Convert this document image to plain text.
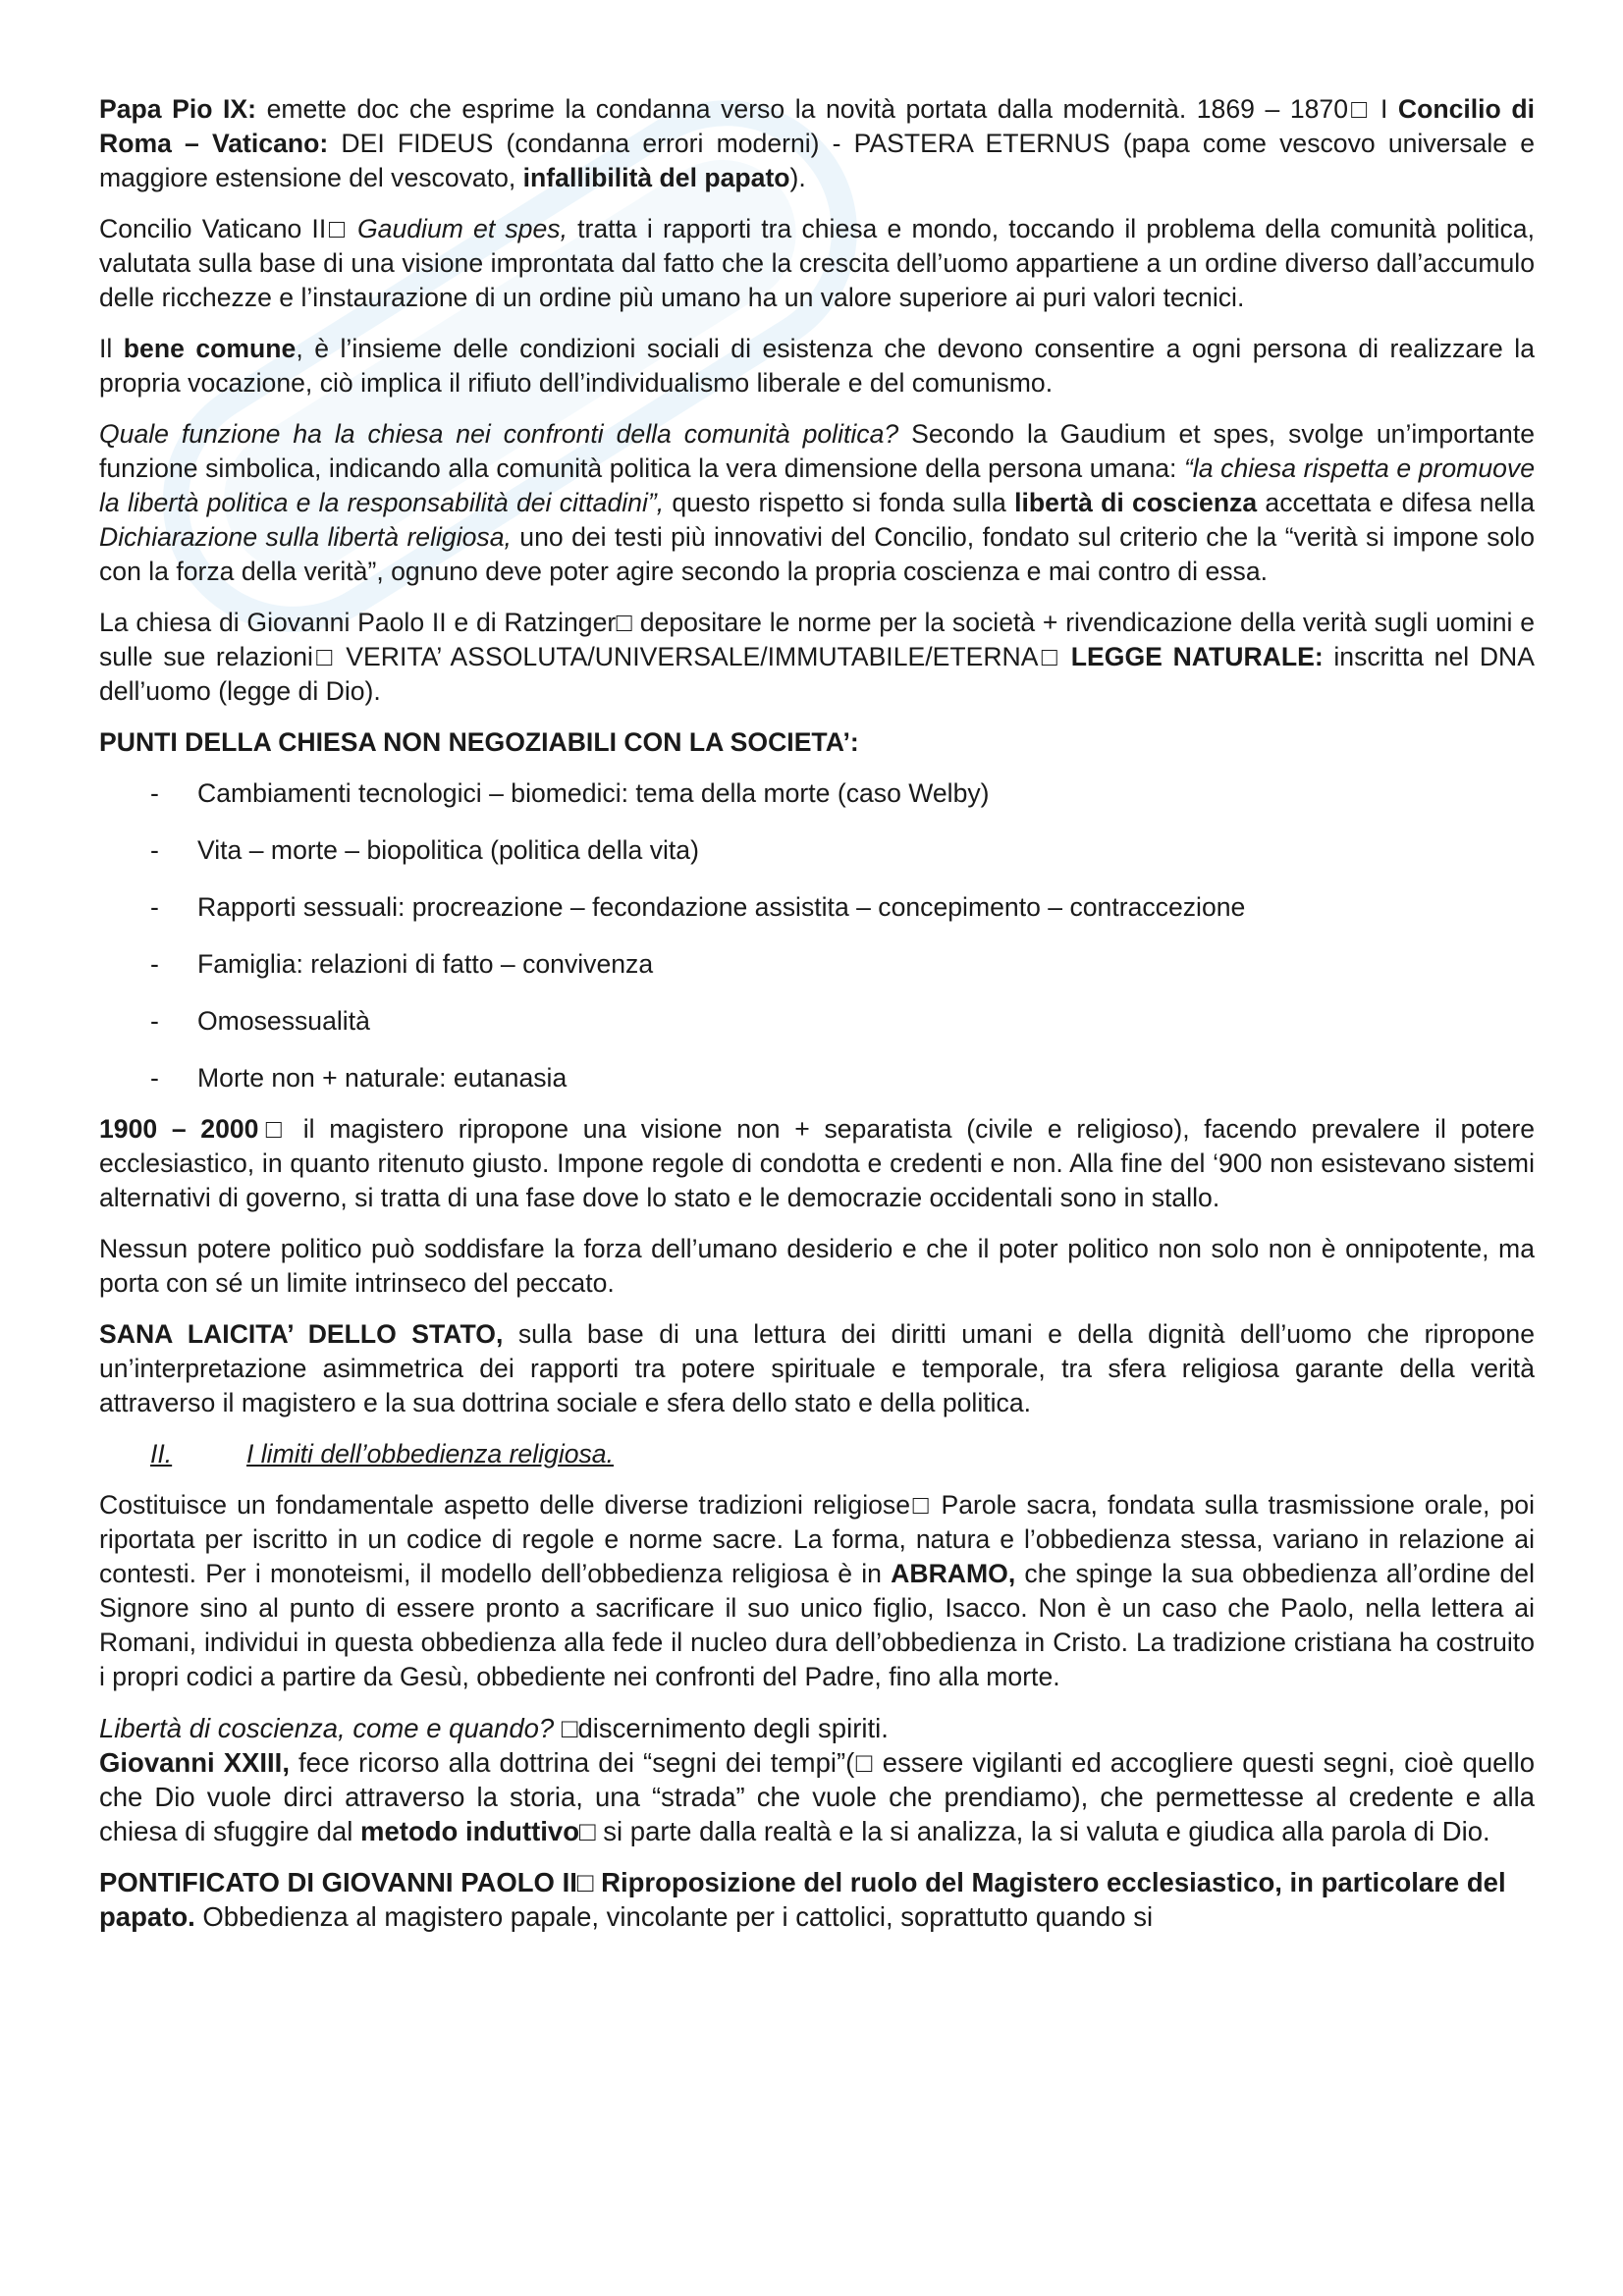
Papa Pio IX: emette doc che esprime la condanna verso la novità portata dalla modernità. 1869 – 1870□ I Concilio di Roma – Vaticano: DEI FIDEUS (condanna errori moderni) - PASTERA ETERNUS (papa come vescovo universale e maggiore estensione del vescovato, infallibilità del papato).

Concilio Vaticano II□ Gaudium et spes, tratta i rapporti tra chiesa e mondo, toccando il problema della comunità politica, valutata sulla base di una visione improntata dal fatto che la crescita dell’uomo appartiene a un ordine diverso dall’accumulo delle ricchezze e l’instaurazione di un ordine più umano ha un valore superiore ai puri valori tecnici.

Il bene comune, è l’insieme delle condizioni sociali di esistenza che devono consentire a ogni persona di realizzare la propria vocazione, ciò implica il rifiuto dell’individualismo liberale e del comunismo.

Quale funzione ha la chiesa nei confronti della comunità politica? Secondo la Gaudium et spes, svolge un’importante funzione simbolica, indicando alla comunità politica la vera dimensione della persona umana: “la chiesa rispetta e promuove la libertà politica e la responsabilità dei cittadini”, questo rispetto si fonda sulla libertà di coscienza accettata e difesa nella Dichiarazione sulla libertà religiosa, uno dei testi più innovativi del Concilio, fondato sul criterio che la “verità si impone solo con la forza della verità”, ognuno deve poter agire secondo la propria coscienza e mai contro di essa.

La chiesa di Giovanni Paolo II e di Ratzinger□ depositare le norme per la società + rivendicazione della verità sugli uomini e sulle sue relazioni□ VERITA’ ASSOLUTA/UNIVERSALE/IMMUTABILE/ETERNA□ LEGGE NATURALE: inscritta nel DNA dell’uomo (legge di Dio).

PUNTI DELLA CHIESA NON NEGOZIABILI CON LA SOCIETA’:

- Cambiamenti tecnologici – biomedici: tema della morte (caso Welby)
- Vita – morte – biopolitica (politica della vita)
- Rapporti sessuali: procreazione – fecondazione assistita – concepimento – contraccezione
- Famiglia: relazioni di fatto – convivenza
- Omosessualità
- Morte non + naturale: eutanasia

1900 – 2000□ il magistero ripropone una visione non + separatista (civile e religioso), facendo prevalere il potere ecclesiastico, in quanto ritenuto giusto. Impone regole di condotta e credenti e non. Alla fine del ‘900 non esistevano sistemi alternativi di governo, si tratta di una fase dove lo stato e le democrazie occidentali sono in stallo.

Nessun potere politico può soddisfare la forza dell’umano desiderio e che il poter politico non solo non è onnipotente, ma porta con sé un limite intrinseco del peccato.

SANA LAICITA’ DELLO STATO, sulla base di una lettura dei diritti umani e della dignità dell’uomo che ripropone un’interpretazione asimmetrica dei rapporti tra potere spirituale e temporale, tra sfera religiosa garante della verità attraverso il magistero e la sua dottrina sociale e sfera dello stato e della politica.

II.	I limiti dell’obbedienza religiosa.

Costituisce un fondamentale aspetto delle diverse tradizioni religiose□ Parole sacra, fondata sulla trasmissione orale, poi riportata per iscritto in un codice di regole e norme sacre. La forma, natura e l’obbedienza stessa, variano in relazione ai contesti. Per i monoteismi, il modello dell’obbedienza religiosa è in ABRAMO, che spinge la sua obbedienza all’ordine del Signore sino al punto di essere pronto a sacrificare il suo unico figlio, Isacco. Non è un caso che Paolo, nella lettera ai Romani, individui in questa obbedienza alla fede il nucleo dura dell’obbedienza in Cristo. La tradizione cristiana ha costruito i propri codici a partire da Gesù, obbediente nei confronti del Padre, fino alla morte.

Libertà di coscienza, come e quando? □discernimento degli spiriti.

Giovanni XXIII, fece ricorso alla dottrina dei “segni dei tempi”(□ essere vigilanti ed accogliere questi segni, cioè quello che Dio vuole dirci attraverso la storia, una “strada” che vuole che prendiamo), che permettesse al credente e alla chiesa di sfuggire dal metodo induttivo□ si parte dalla realtà e la si analizza, la si valuta e giudica alla parola di Dio.

PONTIFICATO DI GIOVANNI PAOLO II□ Riproposizione del ruolo del Magistero ecclesiastico, in particolare del papato. Obbedienza al magistero papale, vincolante per i cattolici, soprattutto quando si
